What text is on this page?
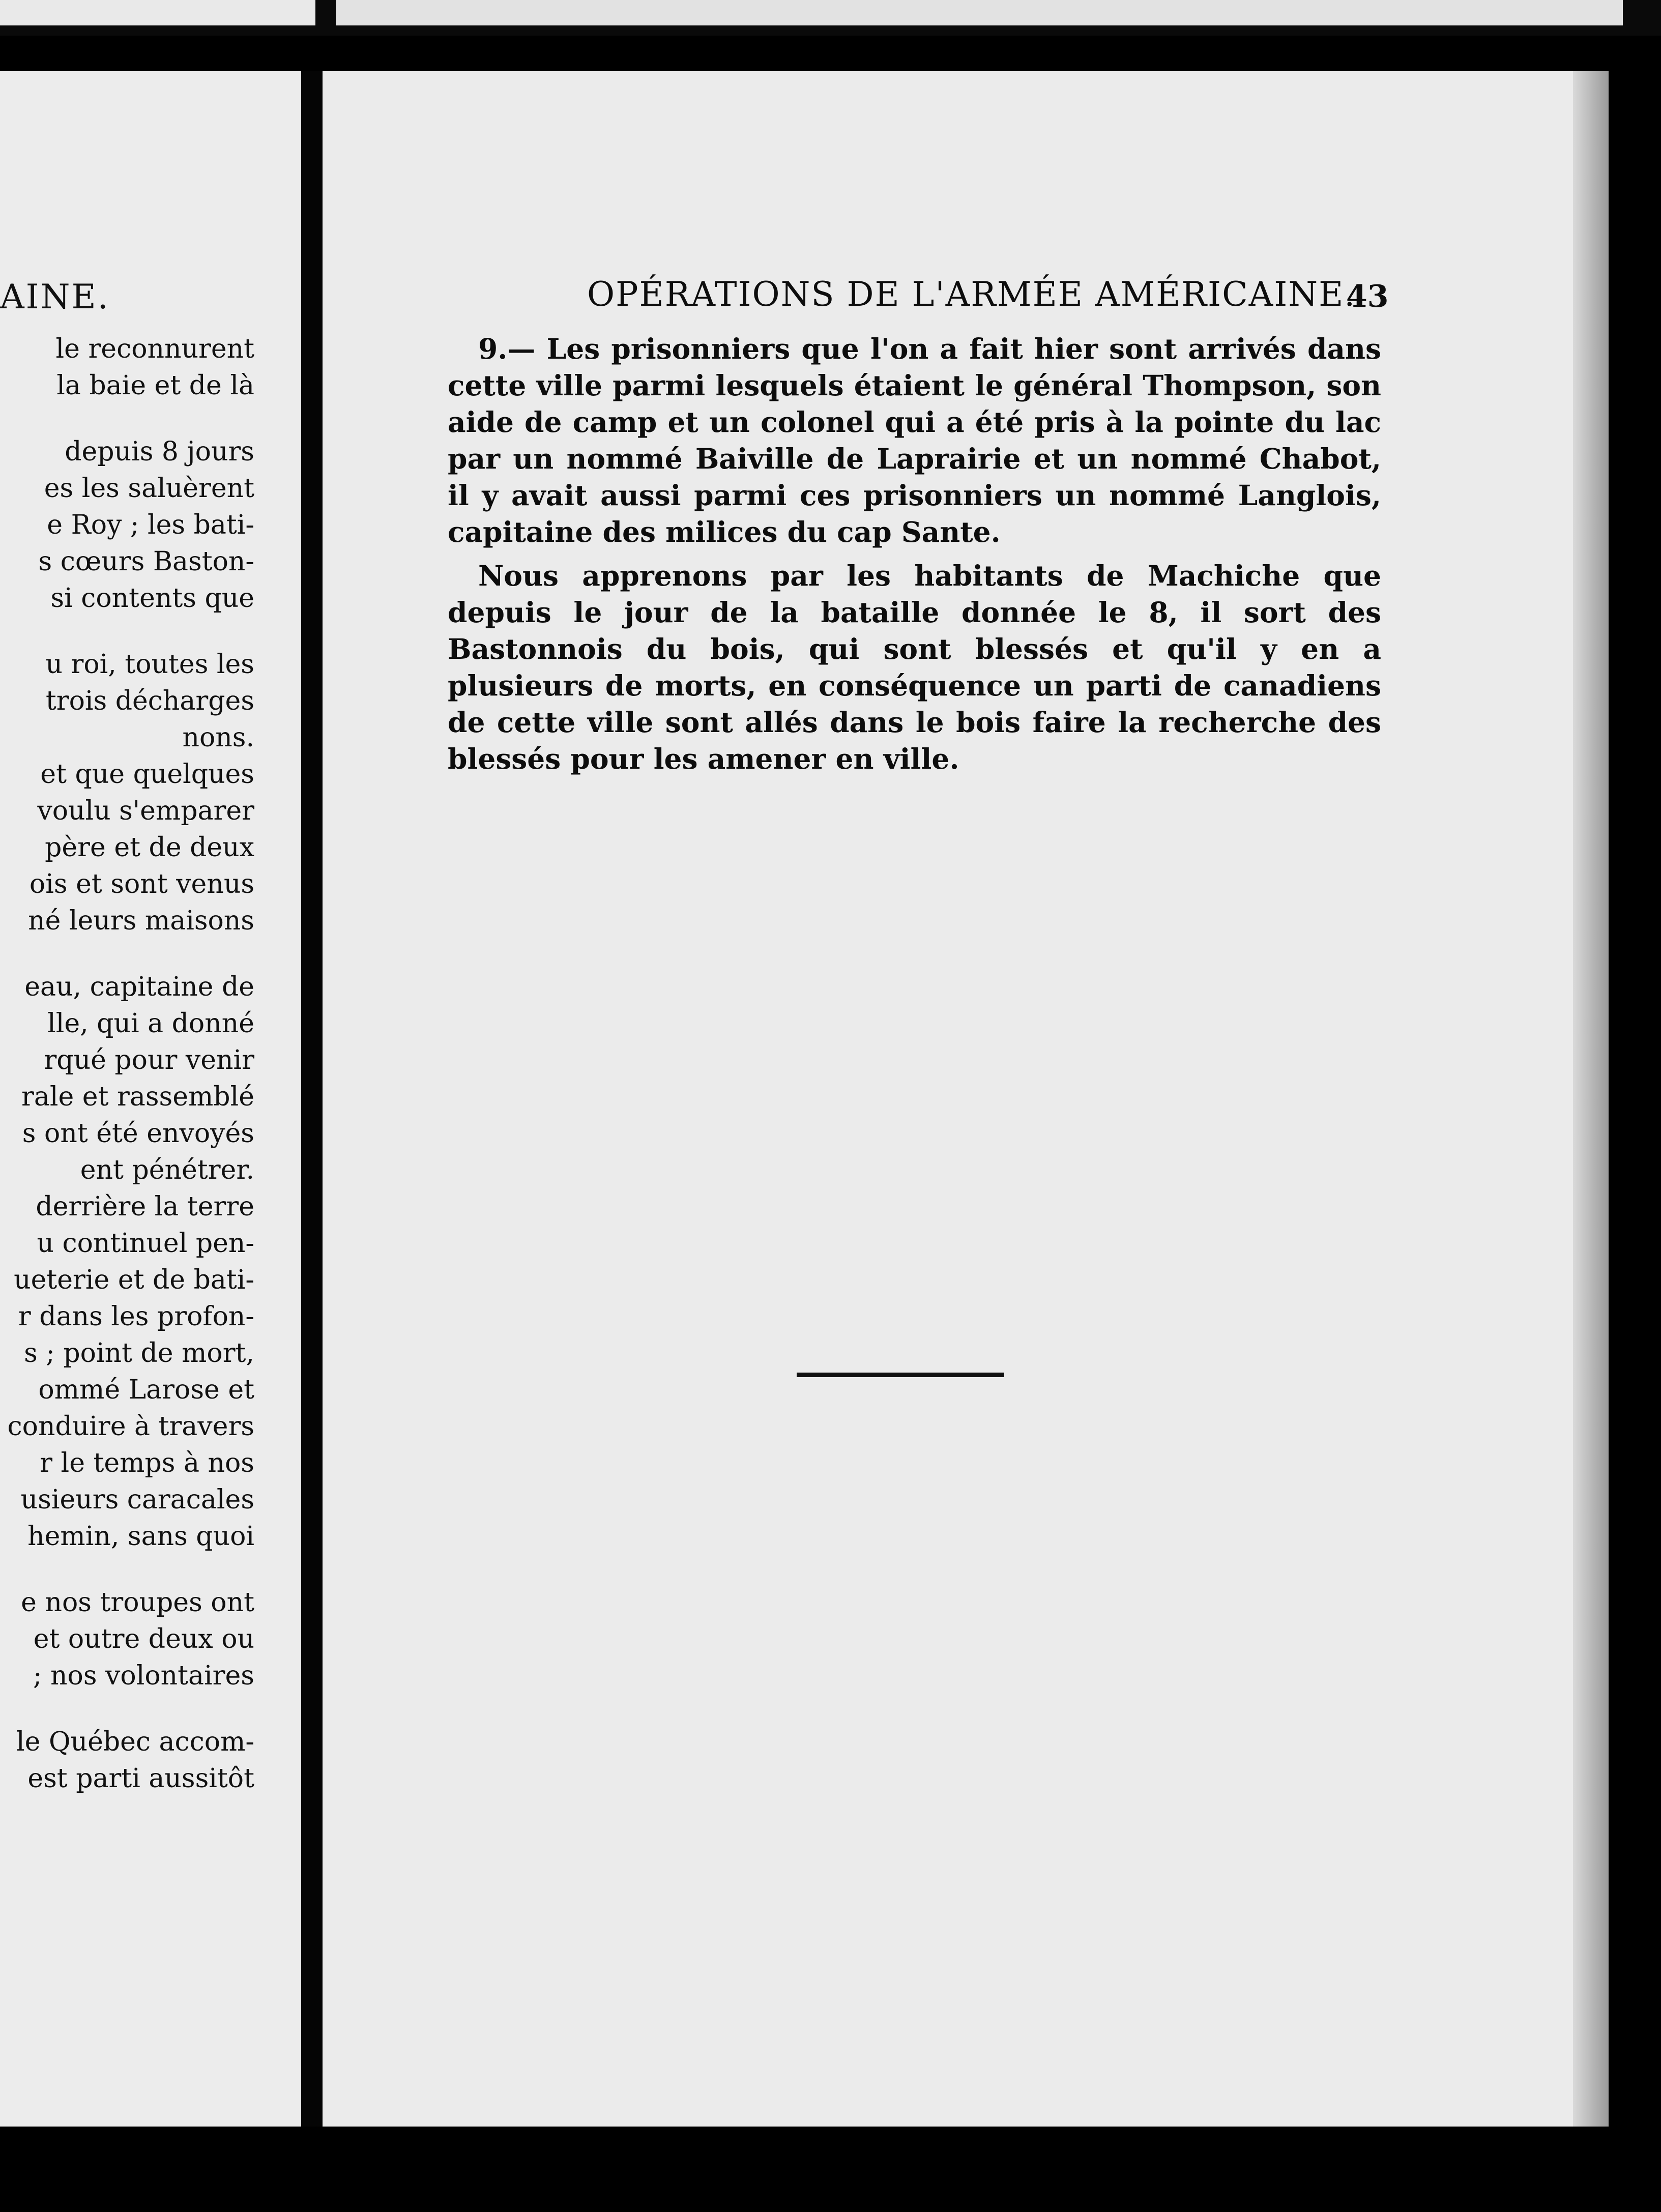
AINE.
le reconnurent
la baie et de là
depuis 8 jours
es les saluèrent
e Roy ; les bati-
s cœurs Baston-
si contents que
u roi, toutes les
trois décharges
nons.
et que quelques
voulu s'emparer
père et de deux
ois et sont venus
né leurs maisons
eau, capitaine de
lle, qui a donné
rqué pour venir
rale et rassemblé
s ont été envoyés
ent pénétrer.
derrière la terre
u continuel pen-
ueterie et de bati-
r dans les profon-
s ; point de mort,
ommé Larose et
conduire à travers
r le temps à nos
usieurs caracales
hemin, sans quoi
e nos troupes ont
et outre deux ou
; nos volontaires
le Québec accom-
est parti aussitôt
OPÉRATIONS DE L'ARMÉE AMÉRICAINE.
43

9.— Les prisonniers que l'on a fait hier sont arrivés dans cette ville parmi lesquels étaient le général Thompson, son aide de camp et un colonel qui a été pris à la pointe du lac par un nommé Baiville de Laprairie et un nommé Chabot, il y avait aussi parmi ces prisonniers un nommé Langlois, capitaine des milices du cap Sante.

Nous apprenons par les habitants de Machiche que depuis le jour de la bataille donnée le 8, il sort des Bastonnois du bois, qui sont blessés et qu'il y en a plusieurs de morts, en conséquence un parti de canadiens de cette ville sont allés dans le bois faire la recherche des blessés pour les amener en ville.
